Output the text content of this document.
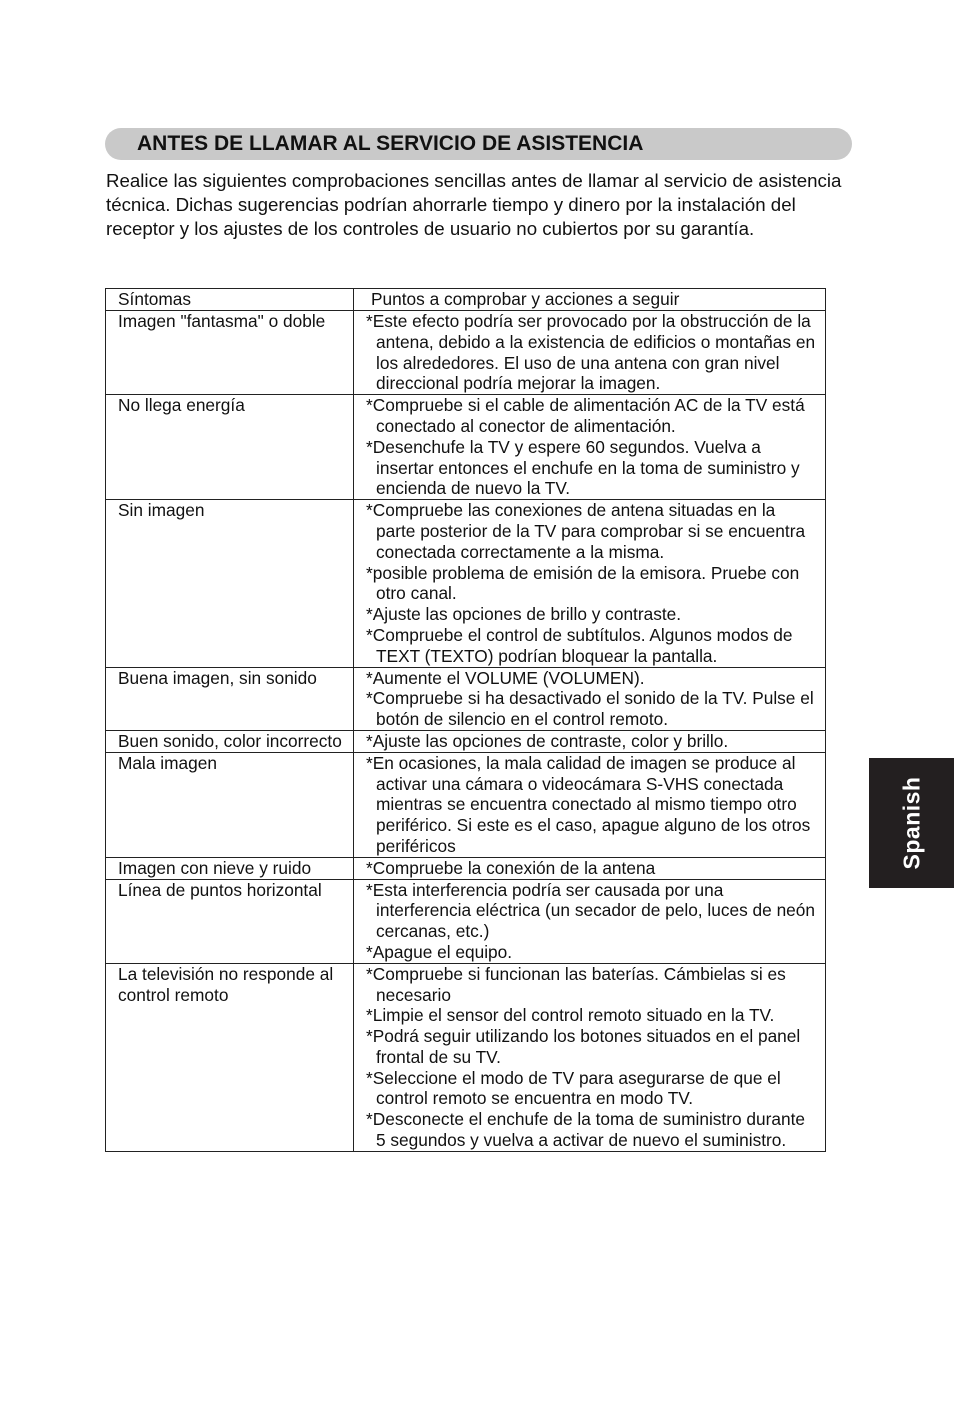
ANTES DE LLAMAR AL SERVICIO DE ASISTENCIA

Realice las siguientes comprobaciones sencillas antes de llamar al servicio de asistencia técnica. Dichas sugerencias podrían ahorrarle tiempo y dinero por la instalación del receptor y los ajustes de los controles de usuario no cubiertos por su garantía.

Síntomas	Puntos a comprobar y acciones a seguir
Imagen "fantasma" o doble	*Este efecto podría ser provocado por la obstrucción de la antena, debido a la existencia de edificios o montañas en los alrededores. El uso de una antena con gran nivel direccional podría mejorar la imagen.

No llega energía	*Compruebe si el cable de alimentación AC de la TV está conectado al conector de alimentación.
*Desenchufe la TV y espere 60 segundos. Vuelva a insertar entonces el enchufe en la toma de suministro y encienda de nuevo la TV.

Sin imagen	*Compruebe las conexiones de antena situadas en la parte posterior de la TV para comprobar si se encuentra conectada correctamente a la misma.
*posible problema de emisión de la emisora. Pruebe con otro canal.
*Ajuste las opciones de brillo y contraste.
*Compruebe el control de subtítulos. Algunos modos de TEXT (TEXTO) podrían bloquear la pantalla.

Buena imagen, sin sonido	*Aumente el VOLUME (VOLUMEN).
*Compruebe si ha desactivado el sonido de la TV. Pulse el botón de silencio en el control remoto.

Buen sonido, color incorrecto	*Ajuste las opciones de contraste, color y brillo.

Mala imagen	*En ocasiones, la mala calidad de imagen se produce al activar una cámara o videocámara S-VHS conectada mientras se encuentra conectado al mismo tiempo otro periférico. Si este es el caso, apague alguno de los otros periféricos

Imagen con nieve y ruido	*Compruebe la conexión de la antena

Línea de puntos horizontal	*Esta interferencia podría ser causada por una interferencia eléctrica (un secador de pelo, luces de neón cercanas, etc.)
*Apague el equipo.

La televisión no responde al control remoto	*Compruebe si funcionan las baterías. Cámbielas si es necesario
*Limpie el sensor del control remoto situado en la TV.
*Podrá seguir utilizando los botones situados en el panel frontal de su TV.
*Seleccione el modo de TV para asegurarse de que el control remoto se encuentra en modo TV.
*Desconecte el enchufe de la toma de suministro durante 5 segundos y vuelva a activar de nuevo el suministro.
Spanish
